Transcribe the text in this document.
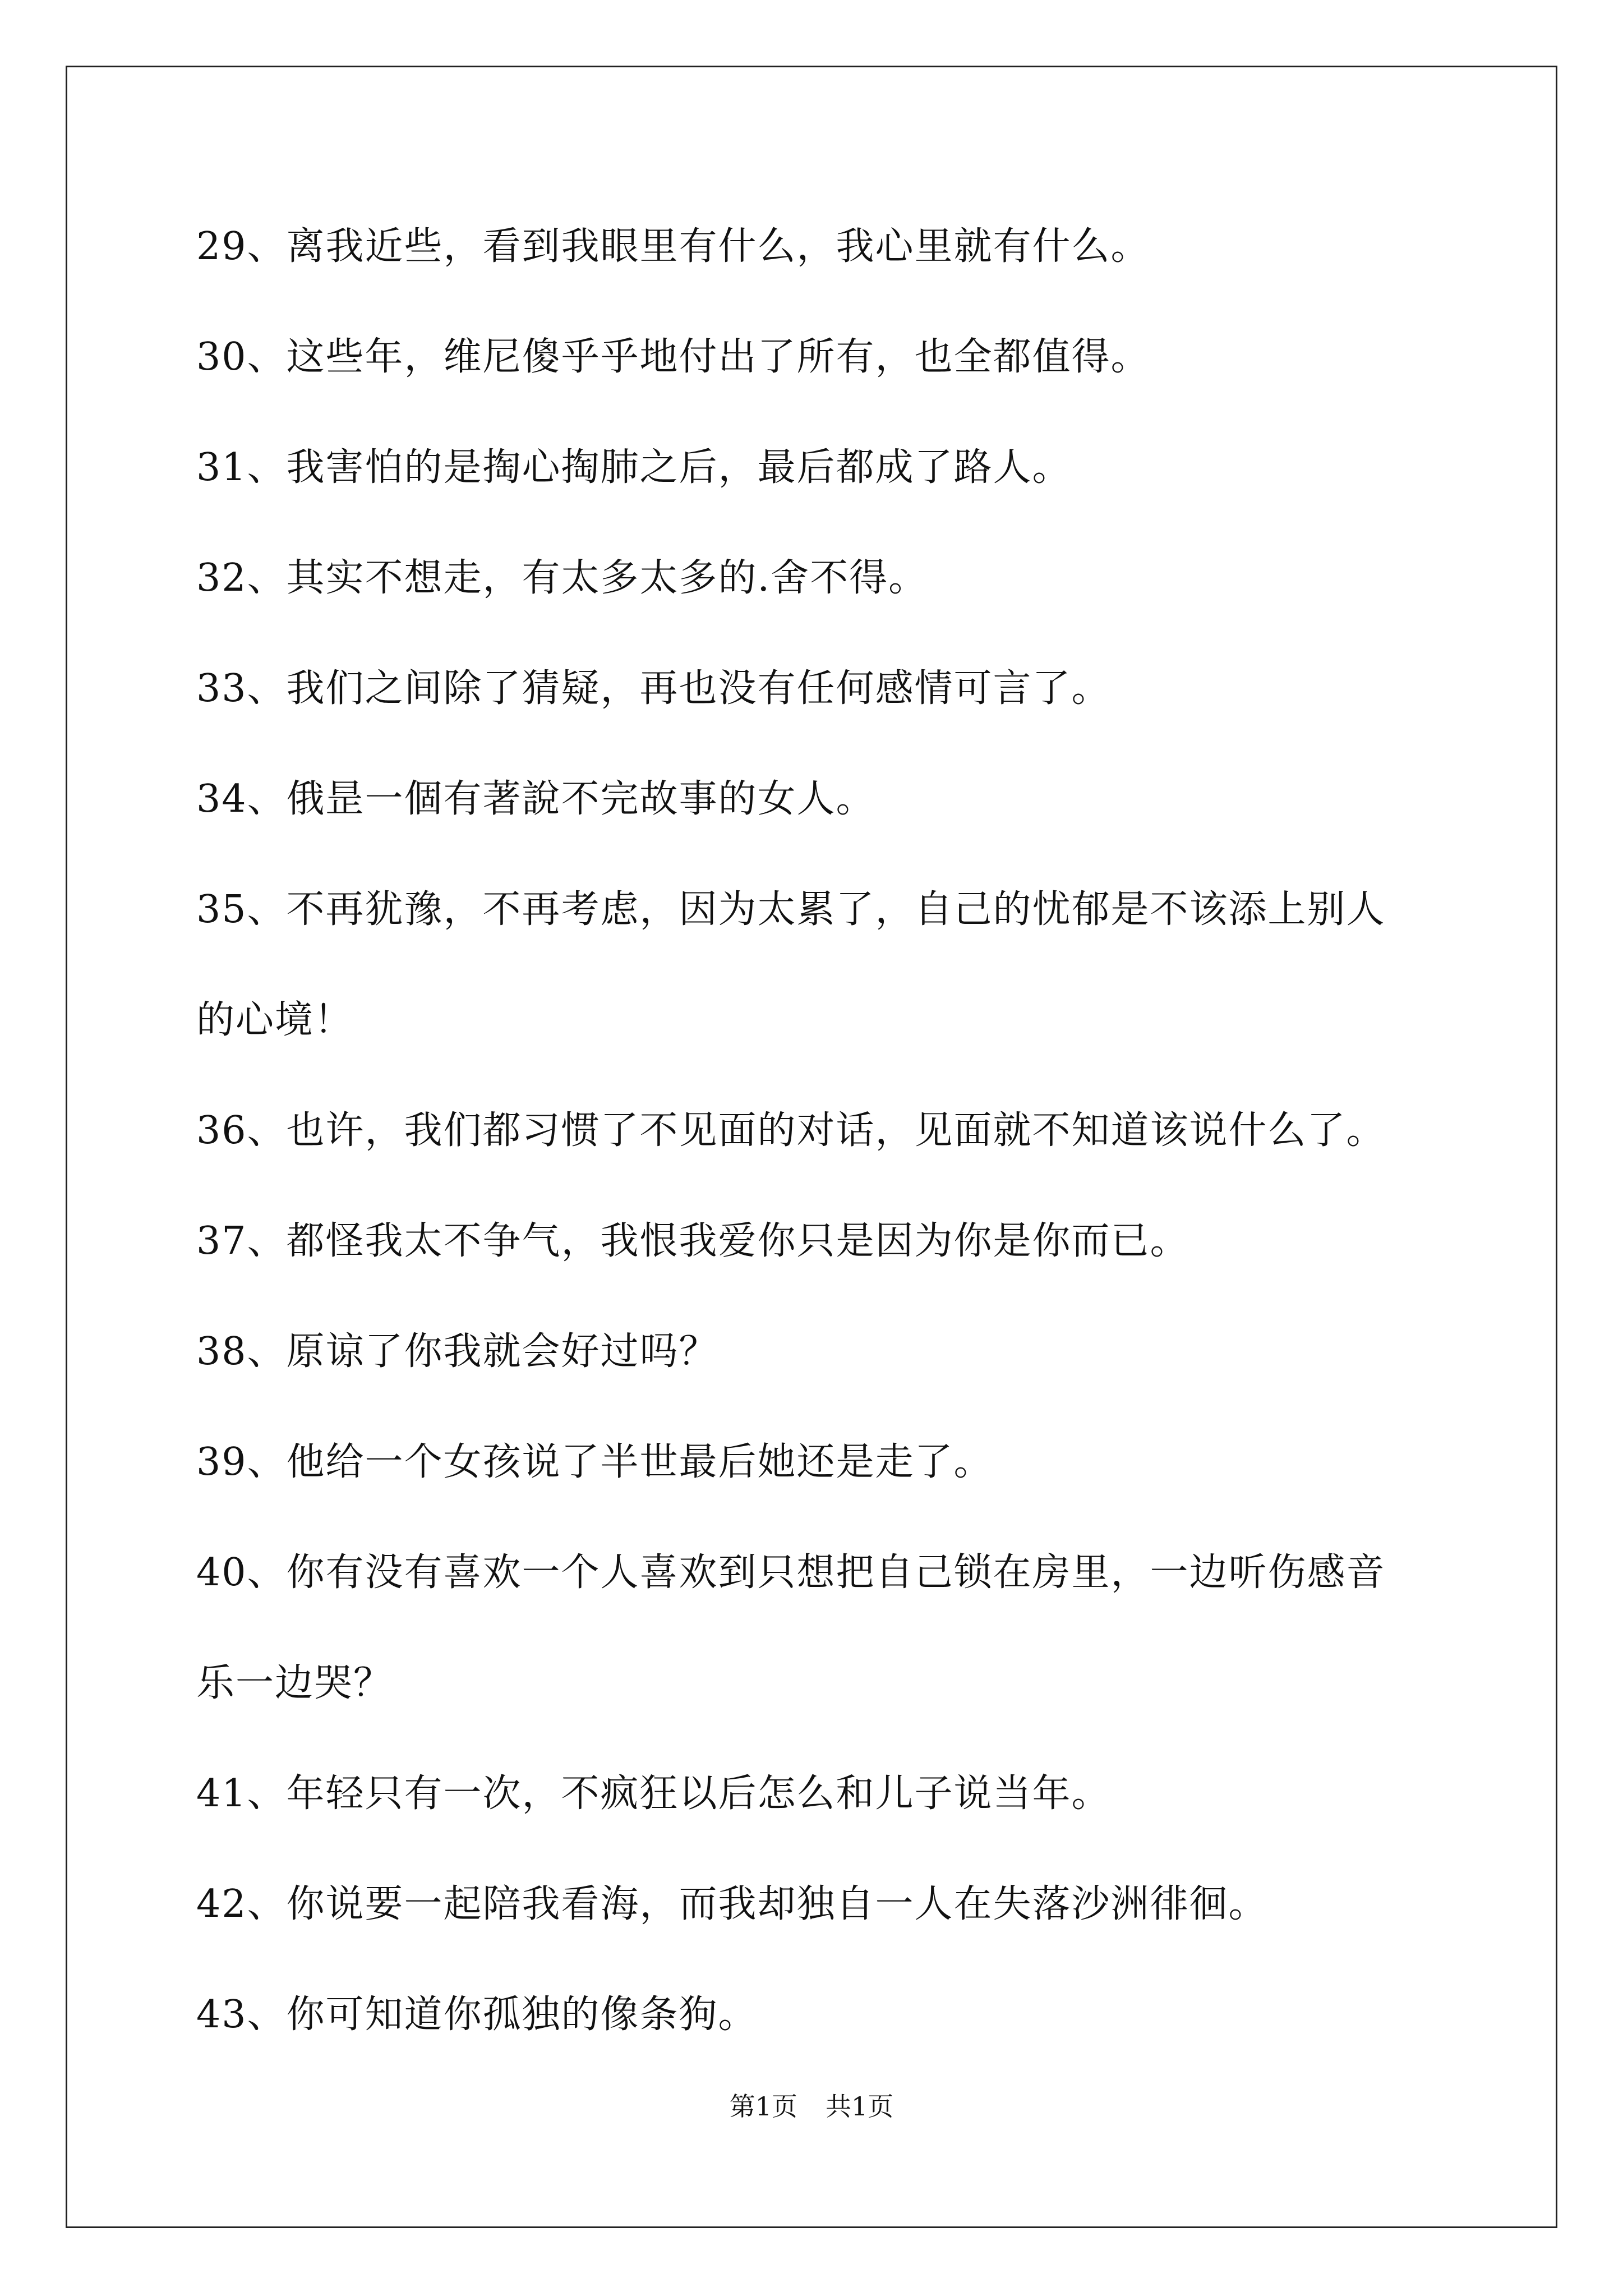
29、离我近些，看到我眼里有什么，我心里就有什么。
30、这些年，维尼傻乎乎地付出了所有，也全都值得。
31、我害怕的是掏心掏肺之后，最后都成了路人。
32、其实不想走，有太多太多的.舍不得。
33、我们之间除了猜疑，再也没有任何感情可言了。
34、俄昰一個有著說不完故事的女人。
35、不再犹豫，不再考虑，因为太累了，自己的忧郁是不该添上别人
的心境！
36、也许，我们都习惯了不见面的对话，见面就不知道该说什么了。
37、都怪我太不争气，我恨我爱你只是因为你是你而已。
38、原谅了你我就会好过吗？
39、他给一个女孩说了半世最后她还是走了。
40、你有没有喜欢一个人喜欢到只想把自己锁在房里，一边听伤感音
乐一边哭？
41、年轻只有一次，不疯狂以后怎么和儿子说当年。
42、你说要一起陪我看海，而我却独自一人在失落沙洲徘徊。
43、你可知道你孤独的像条狗。
第1页 共1页
